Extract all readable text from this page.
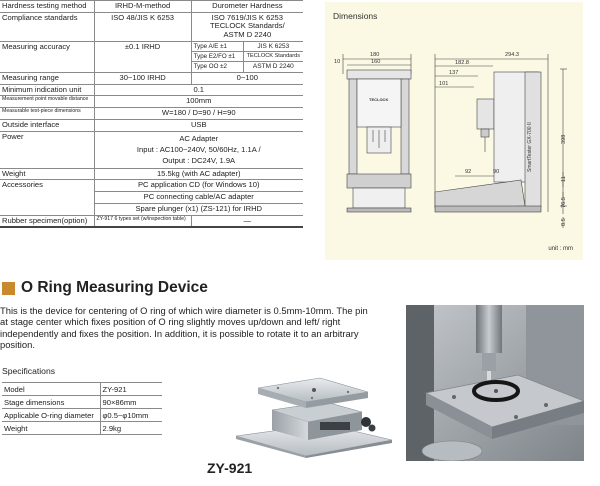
Hardness testing method	IRHD-M-method	Durometer Hardness	
Compliance standards	ISO 48/JIS K 6253	ISO 7619/JIS K 6253
TECLOCK Standards/
ASTM D 2240	

Measuring accuracy	±0.1 IRHD	Type A/E ±1	JIS K 6253
		Type E2/FO ±1	TECLOCK Standards
		Type OO ±2	ASTM D 2240
Measuring range	30~100 IRHD	0~100	
Minimum indication unit	0.1		
Measurement point movable distance	100mm		
Measurable test-piece dimensions	W=180 / D=90 / H=90		
Outside interface	USB		
Power	AC Adapter
Input : AC100~240V, 50/60Hz, 1.1A /
Output : DC24V, 1.9A		

Weight	15.5kg (with AC adapter)		
Accessories	PC application CD (for Windows 10)		
	PC connecting cable/AC adapter		
	Spare plunger (x1) (ZS-121) for IRHD		
Rubber specimen(option)	ZY-917 6 types set (w/inspection table)	—	
Dimensions
180
160
10
294.3
182.8
137
101
92	90
398
11
76.5
8.5
SmartTester GX-700 II
TECLOCK
unit : mm
O Ring Measuring Device

This is the device for centering of O ring of which wire diameter is 0.5mm-10mm. The pin at stage center which fixes position of O ring slightly moves up/down and left/ right independently and fixes the position. In addition, it is possible to rotate it to an arbitrary position.

Specifications
Model	ZY-921
Stage dimensions	90×86mm
Applicable O-ring diameter	φ0.5~φ10mm
Weight	2.9kg
ZY-921
